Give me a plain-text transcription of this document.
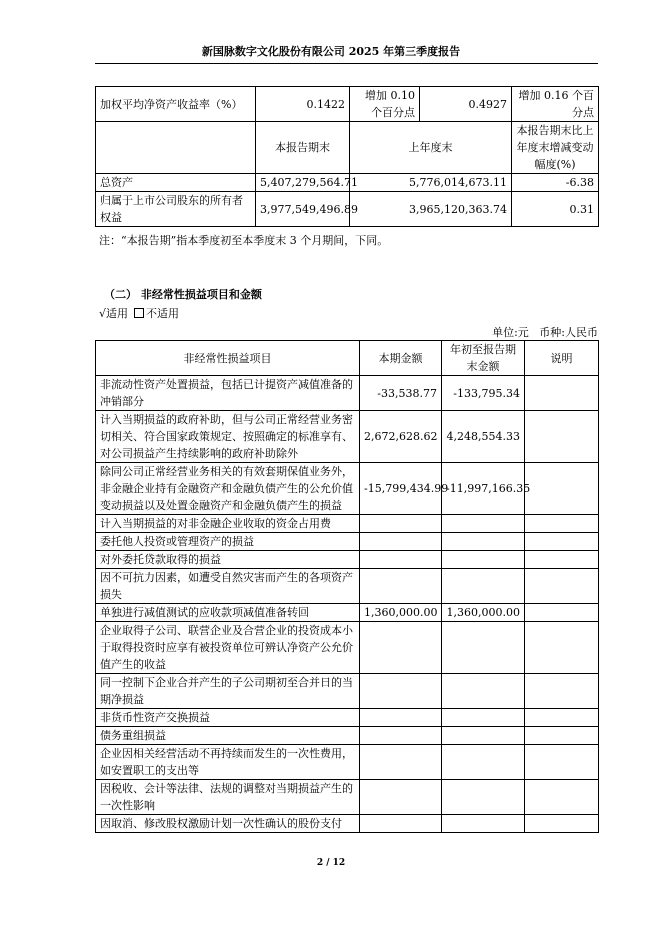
新国脉数字文化股份有限公司 2025 年第三季度报告
加权平均净资产收益率（%）	0.1422	增加 0.10 个百分点	0.4927	增加 0.16 个百分点
	本报告期末	上年度末		本报告期末比上年度末增减变动幅度(%)
总资产	5,407,279,564.71	5,776,014,673.11		-6.38
归属于上市公司股东的所有者权益	3,977,549,496.89	3,965,120,363.74		0.31
非经常性损益项目	本期金额	年初至报告期末金额	说明
非流动性资产处置损益，包括已计提资产减值准备的冲销部分	-33,538.77	-133,795.34	
计入当期损益的政府补助，但与公司正常经营业务密切相关、符合国家政策规定、按照确定的标准享有、对公司损益产生持续影响的政府补助除外	2,672,628.62	4,248,554.33	
除同公司正常经营业务相关的有效套期保值业务外，非金融企业持有金融资产和金融负债产生的公允价值变动损益以及处置金融资产和金融负债产生的损益	-15,799,434.99	-11,997,166.35	
计入当期损益的对非金融企业收取的资金占用费			
委托他人投资或管理资产的损益			
对外委托贷款取得的损益			
因不可抗力因素，如遭受自然灾害而产生的各项资产损失			
单独进行减值测试的应收款项减值准备转回	1,360,000.00	1,360,000.00	
企业取得子公司、联营企业及合营企业的投资成本小于取得投资时应享有被投资单位可辨认净资产公允价值产生的收益			
同一控制下企业合并产生的子公司期初至合并日的当期净损益			
非货币性资产交换损益			
债务重组损益			
企业因相关经营活动不再持续而发生的一次性费用，如安置职工的支出等			
因税收、会计等法律、法规的调整对当期损益产生的一次性影响			
因取消、修改股权激励计划一次性确认的股份支付			
注：“本报告期”指本季度初至本季度末 3 个月期间，下同。
（二） 非经常性损益项目和金额
√适用 不适用
单位:元   币种:人民币
2 / 12
